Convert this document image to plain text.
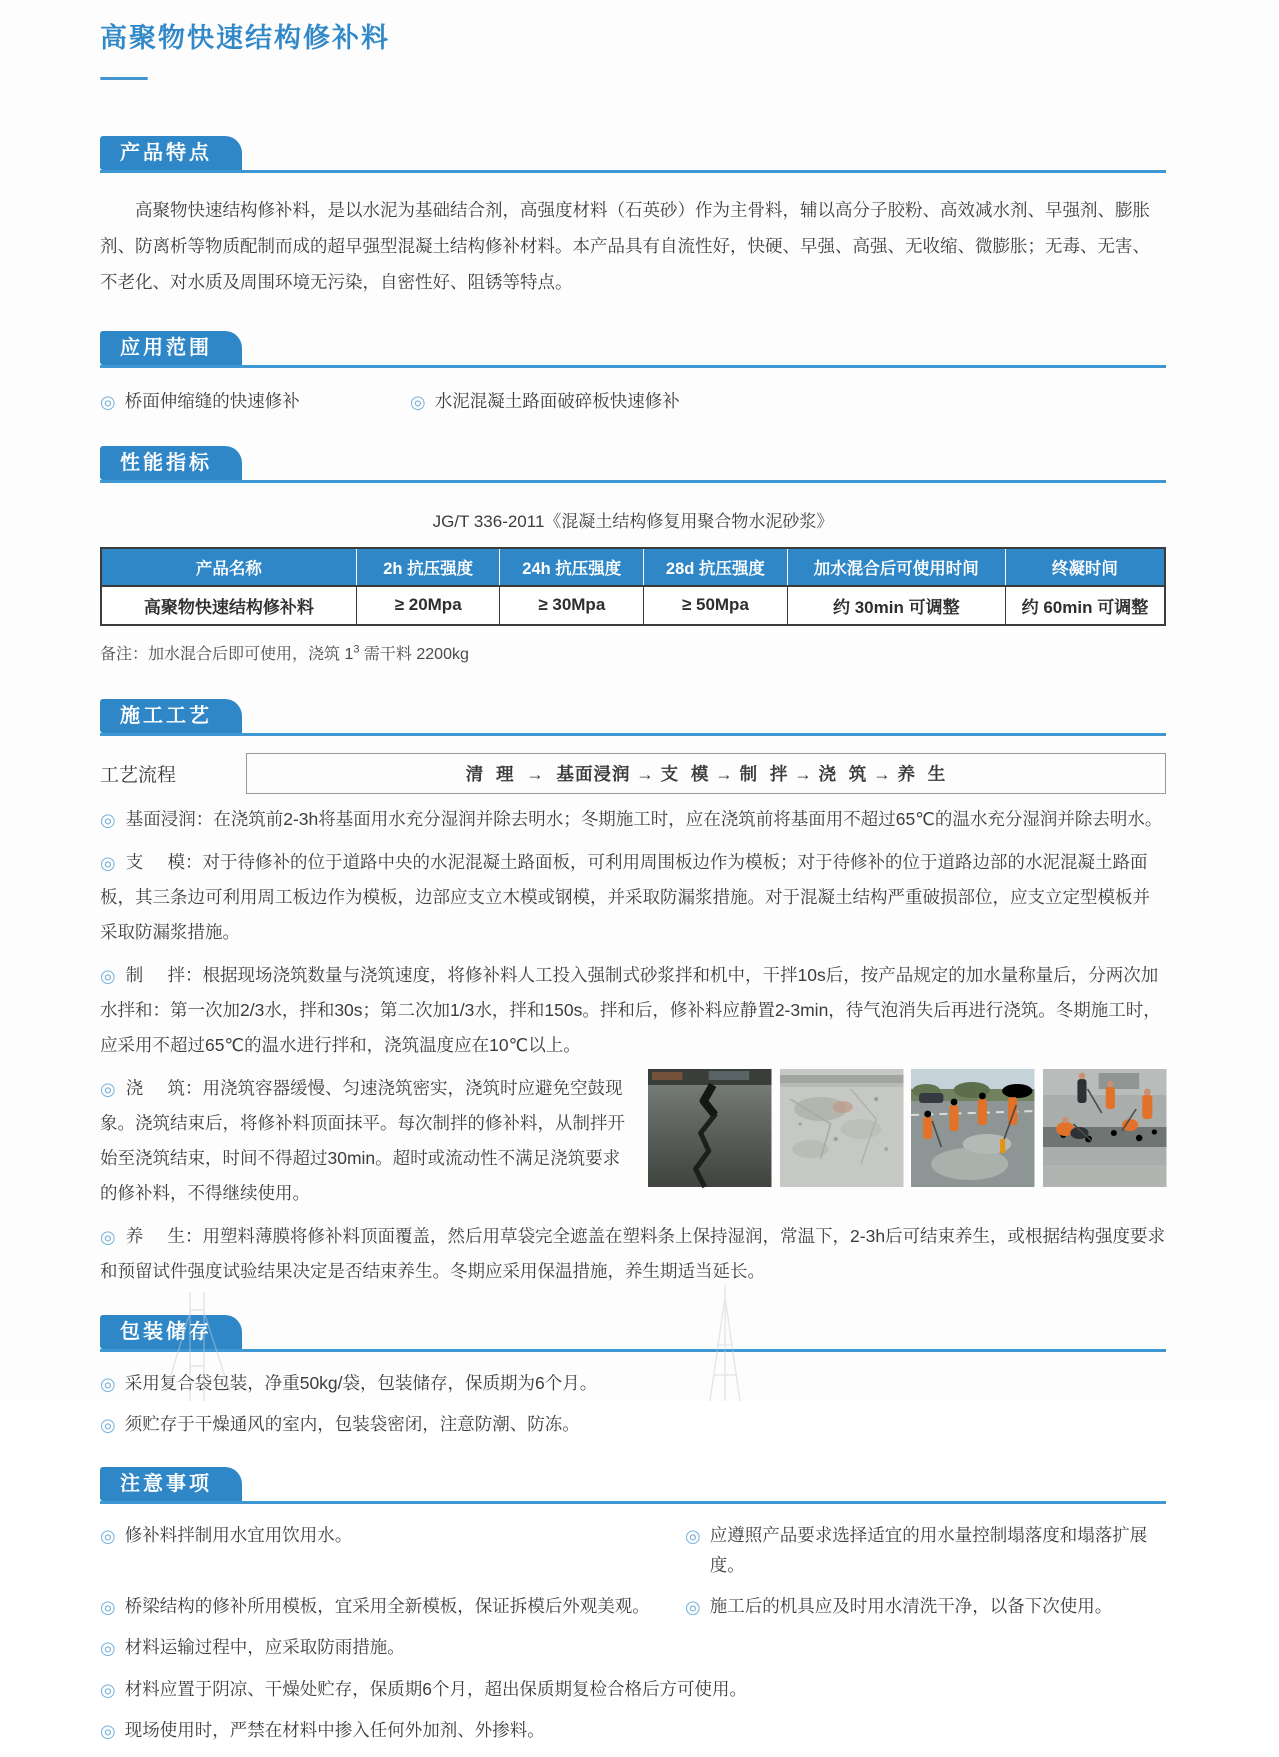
高聚物快速结构修补料
产品特点

高聚物快速结构修补料，是以水泥为基础结合剂，高强度材料（石英砂）作为主骨料，辅以高分子胶粉、高效减水剂、早强剂、膨胀剂、防离析等物质配制而成的超早强型混凝土结构修补材料。本产品具有自流性好，快硬、早强、高强、无收缩、微膨胀；无毒、无害、不老化、对水质及周围环境无污染，自密性好、阻锈等特点。

应用范围
◎ 桥面伸缩缝的快速修补	◎ 水泥混凝土路面破碎板快速修补
性能指标

JG/T 336-2011《混凝土结构修复用聚合物水泥砂浆》

产品名称	2h 抗压强度	24h 抗压强度	28d 抗压强度	加水混合后可使用时间	终凝时间
高聚物快速结构修补料	≥ 20Mpa	≥ 30Mpa	≥ 50Mpa	约 30min 可调整	约 60min 可调整

备注：加水混合后即可使用，浇筑 $1^3$ 需干料 2200kg

施工工艺
工艺流程	清  理  →  基面浸润 → 支  模 → 制  拌 → 浇  筑 → 养  生

◎ 基面浸润：在浇筑前2-3h将基面用水充分湿润并除去明水；冬期施工时，应在浇筑前将基面用不超过65℃的温水充分湿润并除去明水。

◎ 支     模：对于待修补的位于道路中央的水泥混凝土路面板，可利用周围板边作为模板；对于待修补的位于道路边部的水泥混凝土路面板，其三条边可利用周工板边作为模板，边部应支立木模或钢模，并采取防漏浆措施。对于混凝土结构严重破损部位，应支立定型模板并采取防漏浆措施。

◎ 制     拌：根据现场浇筑数量与浇筑速度，将修补料人工投入强制式砂浆拌和机中，干拌10s后，按产品规定的加水量称量后，分两次加水拌和：第一次加2/3水，拌和30s；第二次加1/3水，拌和150s。拌和后，修补料应静置2-3min，待气泡消失后再进行浇筑。冬期施工时，应采用不超过65℃的温水进行拌和，浇筑温度应在10℃以上。

◎ 浇     筑：用浇筑容器缓慢、匀速浇筑密实，浇筑时应避免空鼓现象。浇筑结束后，将修补料顶面抹平。每次制拌的修补料，从制拌开始至浇筑结束，时间不得超过30min。超时或流动性不满足浇筑要求的修补料，不得继续使用。

◎ 养     生：用塑料薄膜将修补料顶面覆盖，然后用草袋完全遮盖在塑料条上保持湿润，常温下，2-3h后可结束养生，或根据结构强度要求和预留试件强度试验结果决定是否结束养生。冬期应采用保温措施，养生期适当延长。

包装储存
◎ 采用复合袋包装，净重50kg/袋，包装储存，保质期为6个月。
◎ 须贮存于干燥通风的室内，包装袋密闭，注意防潮、防冻。
注意事项
◎ 修补料拌制用水宜用饮用水。	◎ 应遵照产品要求选择适宜的用水量控制塌落度和塌落扩展度。
◎ 桥梁结构的修补所用模板，宜采用全新模板，保证拆模后外观美观。 ◎ 施工后的机具应及时用水清洗干净，以备下次使用。
◎ 材料运输过程中，应采取防雨措施。
◎ 材料应置于阴凉、干燥处贮存，保质期6个月，超出保质期复检合格后方可使用。
◎ 现场使用时，严禁在材料中掺入任何外加剂、外掺料。
